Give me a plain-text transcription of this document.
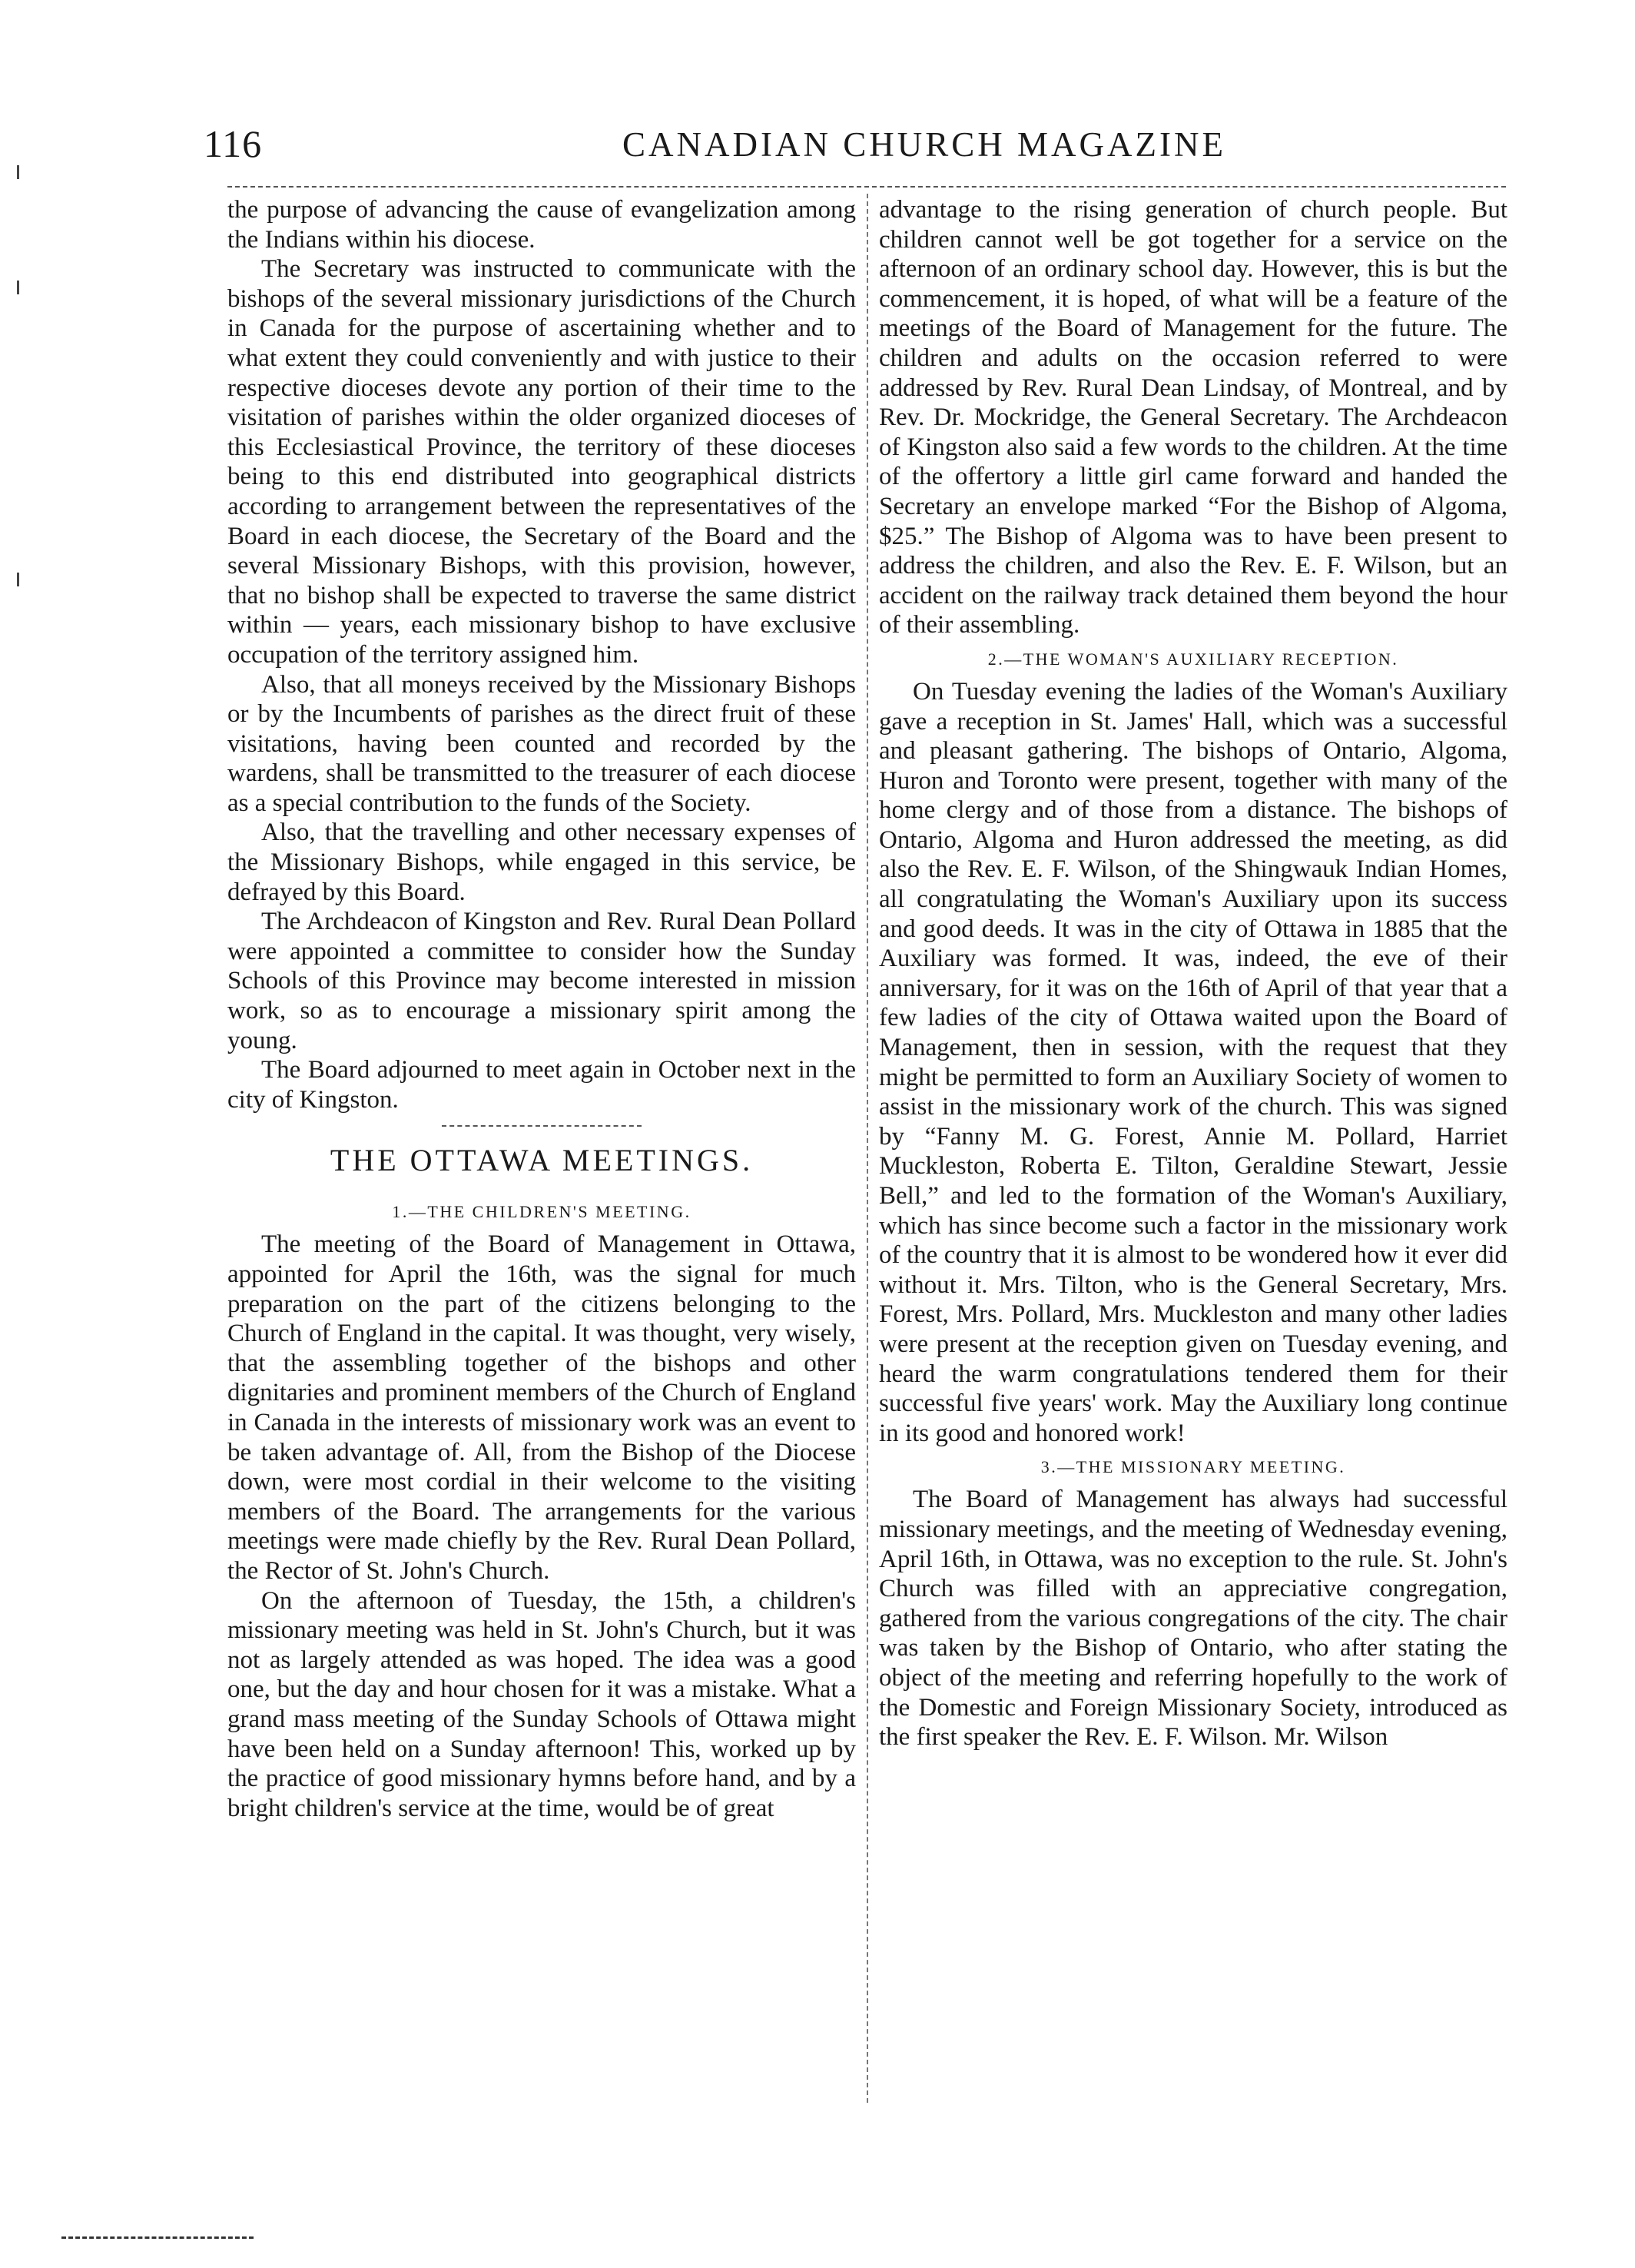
116	CANADIAN CHURCH MAGAZINE

the purpose of advancing the cause of evangelization among the Indians within his diocese.

The Secretary was instructed to communicate with the bishops of the several missionary jurisdictions of the Church in Canada for the purpose of ascertaining whether and to what extent they could conveniently and with justice to their respective dioceses devote any portion of their time to the visitation of parishes within the older organized dioceses of this Ecclesiastical Province, the territory of these dioceses being to this end distributed into geographical districts according to arrangement between the representatives of the Board in each diocese, the Secretary of the Board and the several Missionary Bishops, with this provision, however, that no bishop shall be expected to traverse the same district within — years, each missionary bishop to have exclusive occupation of the territory assigned him.

Also, that all moneys received by the Missionary Bishops or by the Incumbents of parishes as the direct fruit of these visitations, having been counted and recorded by the wardens, shall be transmitted to the treasurer of each diocese as a special contribution to the funds of the Society.

Also, that the travelling and other necessary expenses of the Missionary Bishops, while engaged in this service, be defrayed by this Board.

The Archdeacon of Kingston and Rev. Rural Dean Pollard were appointed a committee to consider how the Sunday Schools of this Province may become interested in mission work, so as to encourage a missionary spirit among the young.

The Board adjourned to meet again in October next in the city of Kingston.

THE OTTAWA MEETINGS.
1.—THE CHILDREN'S MEETING.

The meeting of the Board of Management in Ottawa, appointed for April the 16th, was the signal for much preparation on the part of the citizens belonging to the Church of England in the capital. It was thought, very wisely, that the assembling together of the bishops and other dignitaries and prominent members of the Church of England in Canada in the interests of missionary work was an event to be taken advantage of. All, from the Bishop of the Diocese down, were most cordial in their welcome to the visiting members of the Board. The arrangements for the various meetings were made chiefly by the Rev. Rural Dean Pollard, the Rector of St. John's Church.

On the afternoon of Tuesday, the 15th, a children's missionary meeting was held in St. John's Church, but it was not as largely attended as was hoped. The idea was a good one, but the day and hour chosen for it was a mistake. What a grand mass meeting of the Sunday Schools of Ottawa might have been held on a Sunday afternoon! This, worked up by the practice of good missionary hymns before hand, and by a bright children's service at the time, would be of great

advantage to the rising generation of church people. But children cannot well be got together for a service on the afternoon of an ordinary school day. However, this is but the commencement, it is hoped, of what will be a feature of the meetings of the Board of Management for the future. The children and adults on the occasion referred to were addressed by Rev. Rural Dean Lindsay, of Montreal, and by Rev. Dr. Mockridge, the General Secretary. The Archdeacon of Kingston also said a few words to the children. At the time of the offertory a little girl came forward and handed the Secretary an envelope marked “For the Bishop of Algoma, $25.” The Bishop of Algoma was to have been present to address the children, and also the Rev. E. F. Wilson, but an accident on the railway track detained them beyond the hour of their assembling.

2.—THE WOMAN'S AUXILIARY RECEPTION.

On Tuesday evening the ladies of the Woman's Auxiliary gave a reception in St. James' Hall, which was a successful and pleasant gathering. The bishops of Ontario, Algoma, Huron and Toronto were present, together with many of the home clergy and of those from a distance. The bishops of Ontario, Algoma and Huron addressed the meeting, as did also the Rev. E. F. Wilson, of the Shingwauk Indian Homes, all congratulating the Woman's Auxiliary upon its success and good deeds. It was in the city of Ottawa in 1885 that the Auxiliary was formed. It was, indeed, the eve of their anniversary, for it was on the 16th of April of that year that a few ladies of the city of Ottawa waited upon the Board of Management, then in session, with the request that they might be permitted to form an Auxiliary Society of women to assist in the missionary work of the church. This was signed by “Fanny M. G. Forest, Annie M. Pollard, Harriet Muckleston, Roberta E. Tilton, Geraldine Stewart, Jessie Bell,” and led to the formation of the Woman's Auxiliary, which has since become such a factor in the missionary work of the country that it is almost to be wondered how it ever did without it. Mrs. Tilton, who is the General Secretary, Mrs. Forest, Mrs. Pollard, Mrs. Muckleston and many other ladies were present at the reception given on Tuesday evening, and heard the warm congratulations tendered them for their successful five years' work. May the Auxiliary long continue in its good and honored work!

3.—THE MISSIONARY MEETING.

The Board of Management has always had successful missionary meetings, and the meeting of Wednesday evening, April 16th, in Ottawa, was no exception to the rule. St. John's Church was filled with an appreciative congregation, gathered from the various congregations of the city. The chair was taken by the Bishop of Ontario, who after stating the object of the meeting and referring hopefully to the work of the Domestic and Foreign Missionary Society, introduced as the first speaker the Rev. E. F. Wilson. Mr. Wilson
